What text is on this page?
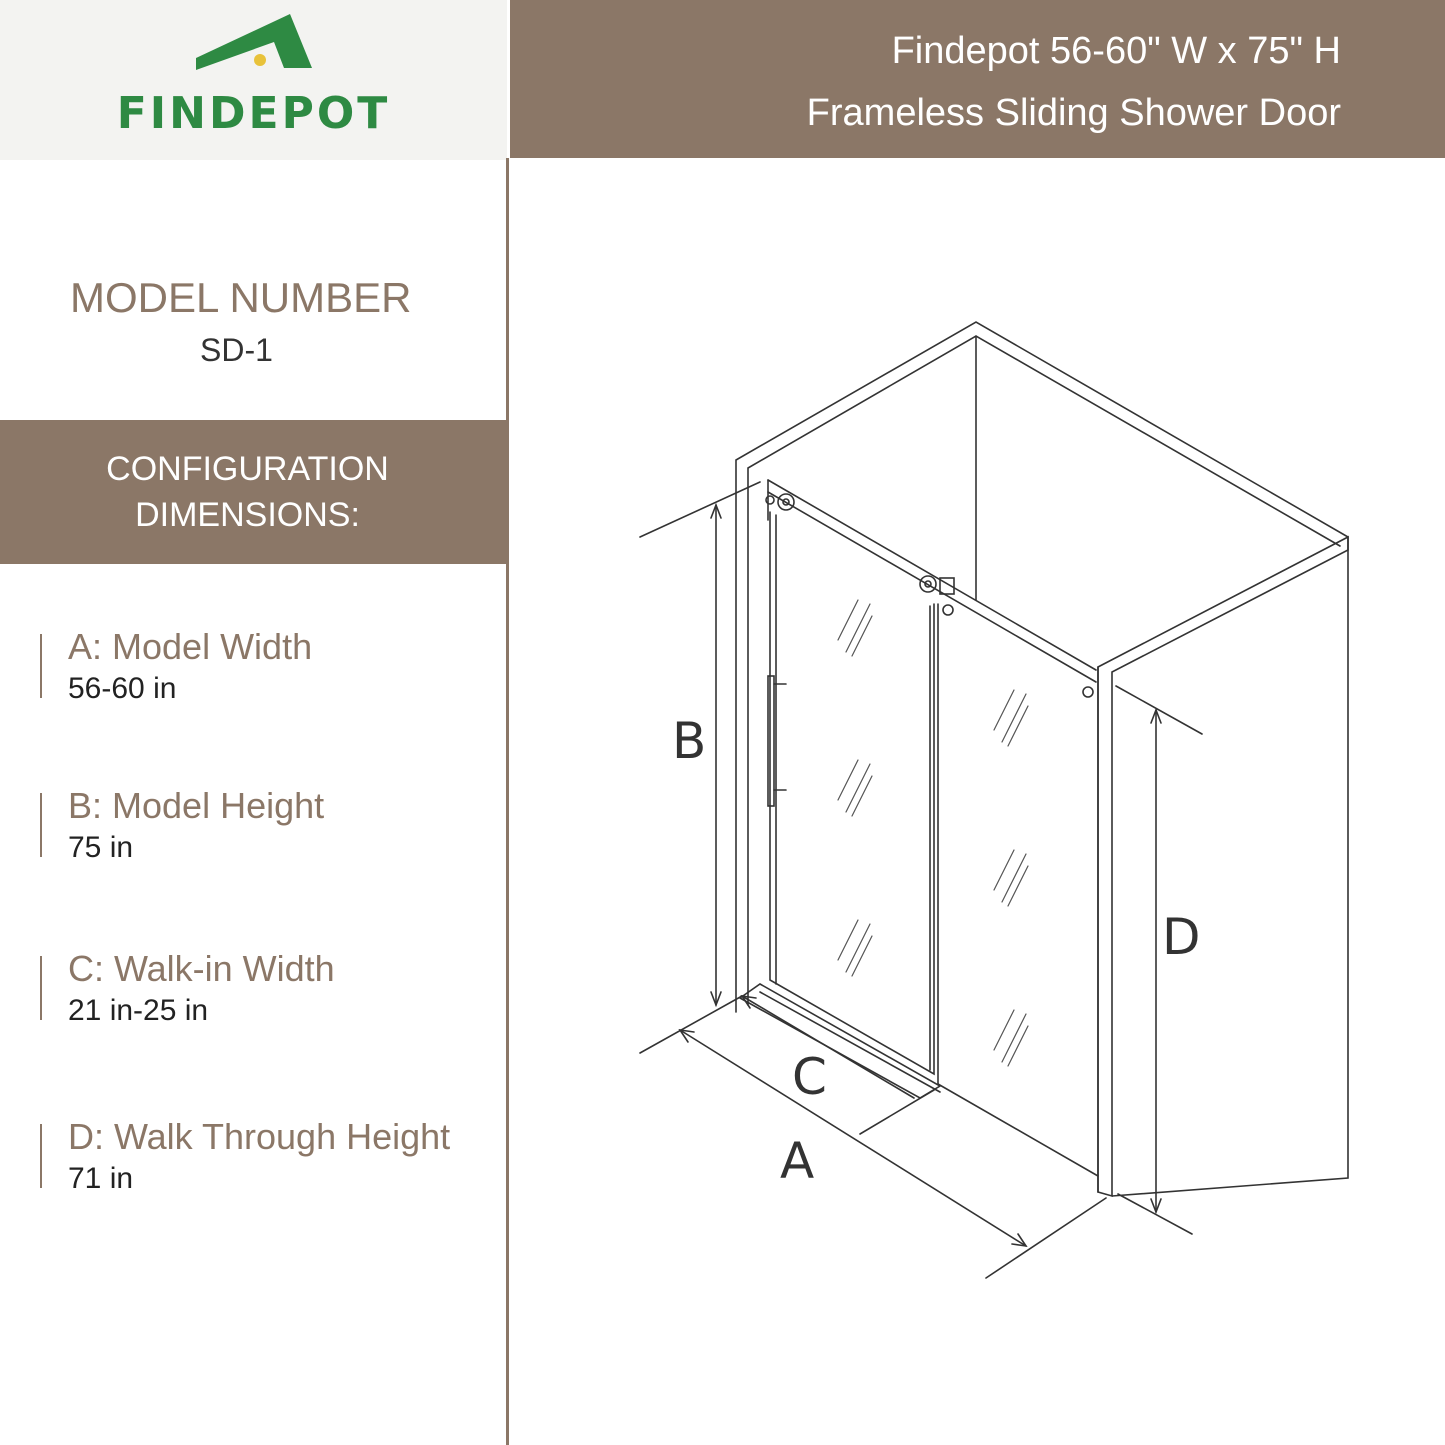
FINDEPOT
Findepot 56-60" W x 75" H
Frameless Sliding Shower Door
MODEL NUMBER
SD-1
CONFIGURATION
DIMENSIONS:
A: Model Width
56-60 in
B: Model Height
75 in
C: Walk-in Width
21 in-25 in
D: Walk Through Height
71 in
B
D
C
A
